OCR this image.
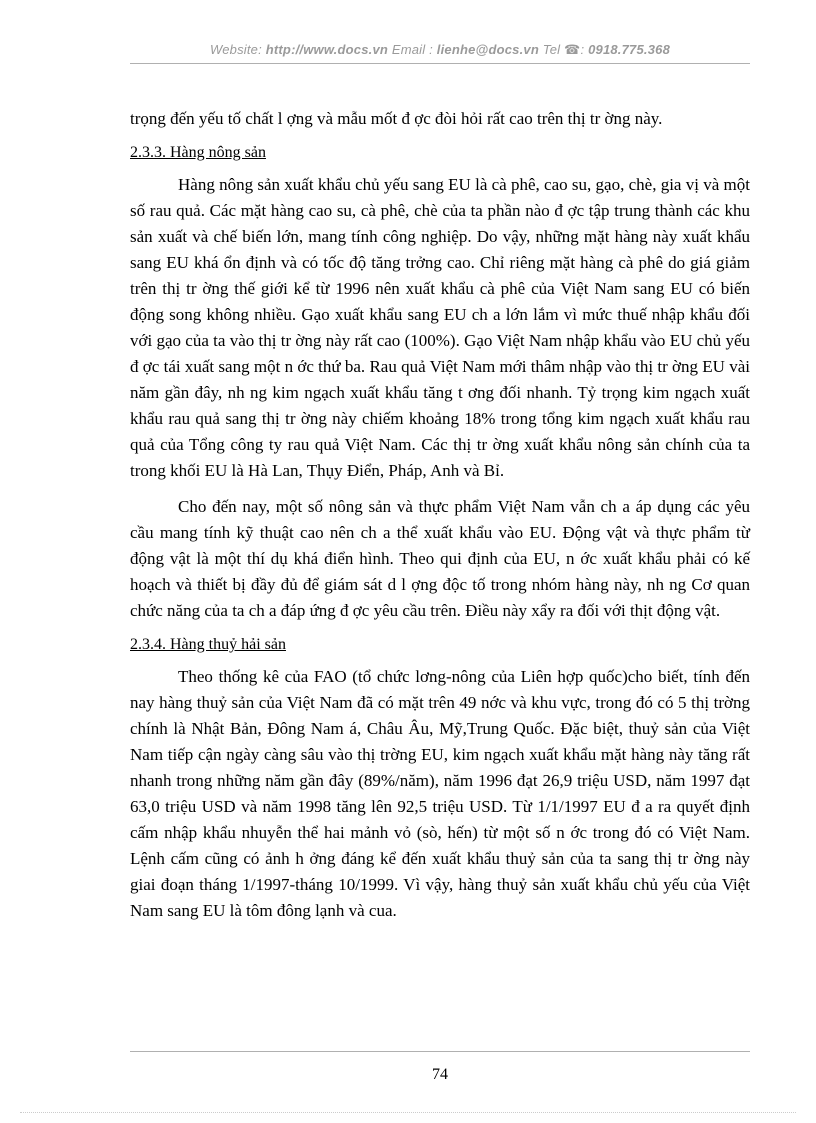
Website: http://www.docs.vn Email : lienhe@docs.vn Tel ☎: 0918.775.368

trọng đến yếu tố chất l ợng và mẫu mốt đ ợc đòi hỏi rất cao trên thị tr ờng này.

2.3.3. Hàng nông sản

Hàng nông sản xuất khẩu chủ yếu sang EU là cà phê, cao su, gạo, chè, gia vị và một số rau quả. Các mặt hàng cao su, cà phê, chè của ta phần nào đ ợc tập trung thành các khu sản xuất và chế biến lớn, mang tính công nghiệp. Do vậy, những mặt hàng này xuất khẩu sang EU khá ổn định và có tốc độ tăng trởng cao. Chỉ riêng mặt hàng cà phê do giá giảm trên thị tr ờng thế giới kể từ 1996 nên xuất khẩu cà phê của Việt Nam sang EU có biến động song không nhiều. Gạo xuất khẩu sang EU ch a lớn lắm vì mức thuế nhập khẩu đối với gạo của ta vào thị tr ờng này rất cao (100%). Gạo Việt Nam nhập khẩu vào EU chủ yếu đ ợc tái xuất sang một n ớc thứ ba. Rau quả Việt Nam mới thâm nhập vào thị tr ờng EU vài năm gần đây, nh ng kim ngạch xuất khẩu tăng t ơng đối nhanh. Tỷ trọng kim ngạch xuất khẩu rau quả sang thị tr ờng này chiếm khoảng 18% trong tổng kim ngạch xuất khẩu rau quả của Tổng công ty rau quả Việt Nam. Các thị tr ờng xuất khẩu nông sản chính của ta trong khối EU là Hà Lan, Thụy Điển, Pháp, Anh và Bỉ.

Cho đến nay, một số nông sản và thực phẩm Việt Nam vẫn ch a áp dụng các yêu cầu mang tính kỹ thuật cao nên ch a thể xuất khẩu vào EU. Động vật và thực phẩm từ động vật là một thí dụ khá điển hình. Theo qui định của EU, n ớc xuất khẩu phải có kế hoạch và thiết bị đầy đủ để giám sát d l ợng độc tố trong nhóm hàng này, nh ng Cơ quan chức năng của ta ch a đáp ứng đ ợc yêu cầu trên. Điều này xẩy ra đối với thịt động vật.

2.3.4. Hàng thuỷ hải sản

Theo thống kê của FAO (tổ chức lơng-nông của Liên hợp quốc)cho biết, tính đến nay hàng thuỷ sản của Việt Nam đã có mặt trên 49 nớc và khu vực, trong đó có 5 thị trờng chính là Nhật Bản, Đông Nam á, Châu Âu, Mỹ,Trung Quốc. Đặc biệt, thuỷ sản của Việt Nam tiếp cận ngày càng sâu vào thị trờng EU, kim ngạch xuất khẩu mặt hàng này tăng rất nhanh trong những năm gần đây (89%/năm), năm 1996 đạt 26,9 triệu USD, năm 1997 đạt 63,0 triệu USD và năm 1998 tăng lên 92,5 triệu USD. Từ 1/1/1997 EU đ a ra quyết định cấm nhập khẩu nhuyễn thể hai mảnh vỏ (sò, hến) từ một số n ớc trong đó có Việt Nam. Lệnh cấm cũng có ảnh h ởng đáng kể đến xuất khẩu thuỷ sản của ta sang thị tr ờng này giai đoạn tháng 1/1997-tháng 10/1999. Vì vậy, hàng thuỷ sản xuất khẩu chủ yếu của Việt Nam sang EU là tôm đông lạnh và cua.

74
